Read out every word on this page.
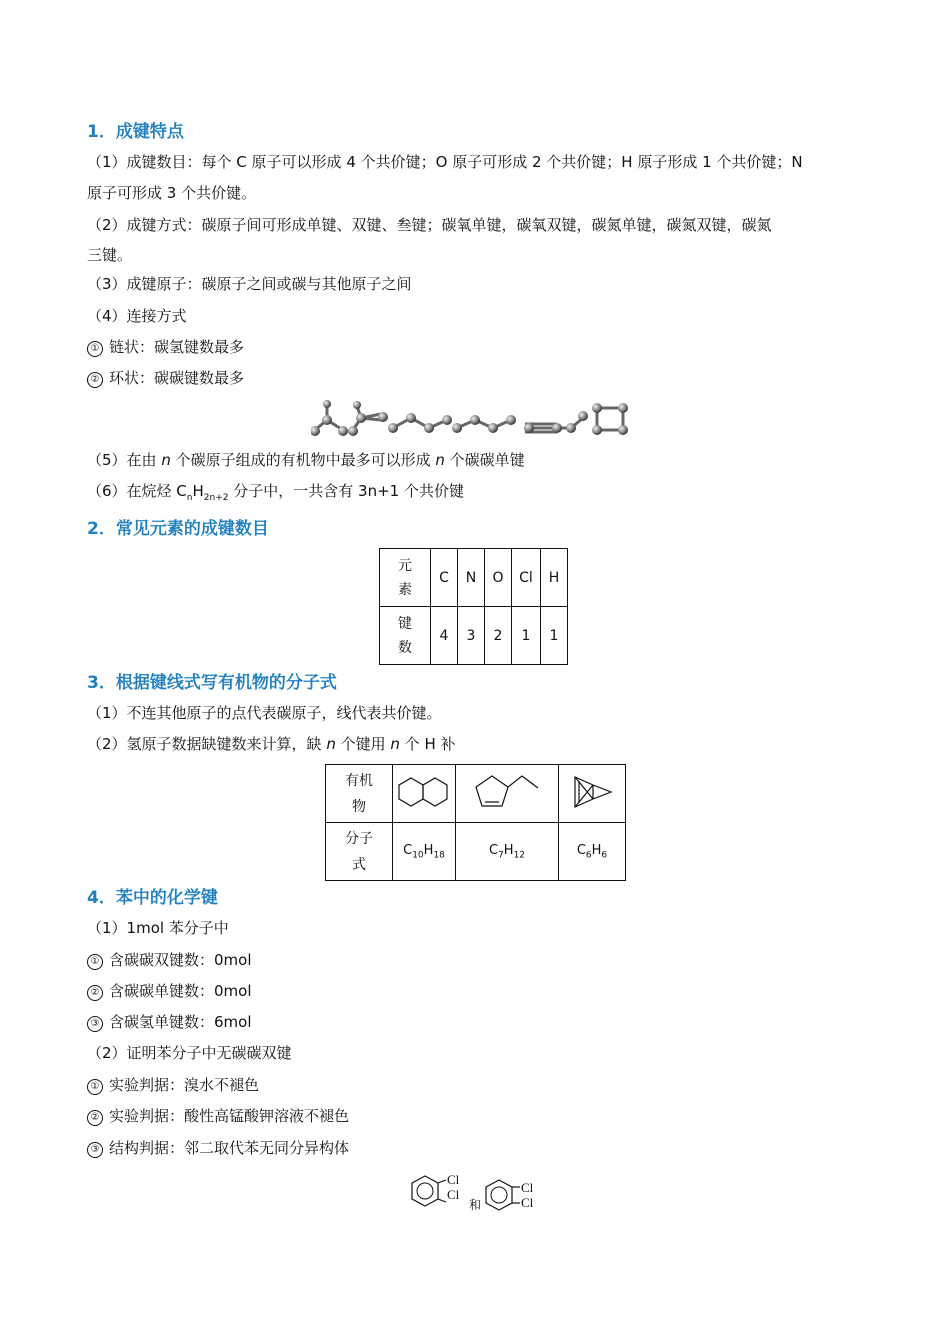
1．成键特点
（1）成键数目：每个 C 原子可以形成 4 个共价键；O 原子可形成 2 个共价键；H 原子形成 1 个共价键；N
原子可形成 3 个共价键。
（2）成键方式：碳原子间可形成单键、双键、叁键；碳氧单键，碳氧双键，碳氮单键，碳氮双键，碳氮
三键。
（3）成键原子：碳原子之间或碳与其他原子之间
（4）连接方式
① 链状：碳氢键数最多
② 环状：碳碳键数最多
（5）在由 n 个碳原子组成的有机物中最多可以形成 n 个碳碳单键
（6）在烷烃 $C_nH_{2n+2}$ 分子中，一共含有 3n+1 个共价键
2．常见元素的成键数目
元
素	C	N	O	Cl	H
键
数	4	3	2	1	1
3．根据键线式写有机物的分子式
（1）不连其他原子的点代表碳原子，线代表共价键。
（2）氢原子数据缺键数来计算，缺 n 个键用 n 个 H 补
有机
物			
分子
式	$C_{10}H_{18}$	$C_7H_{12}$	$C_6H_6$
4．苯中的化学键
（1）1mol 苯分子中
① 含碳碳双键数：0mol
② 含碳碳单键数：0mol
③ 含碳氢单键数：6mol
（2）证明苯分子中无碳碳双键
① 实验判据：溴水不褪色
② 实验判据：酸性高锰酸钾溶液不褪色
③ 结构判据：邻二取代苯无同分异构体
Cl
Cl
和
Cl
Cl
